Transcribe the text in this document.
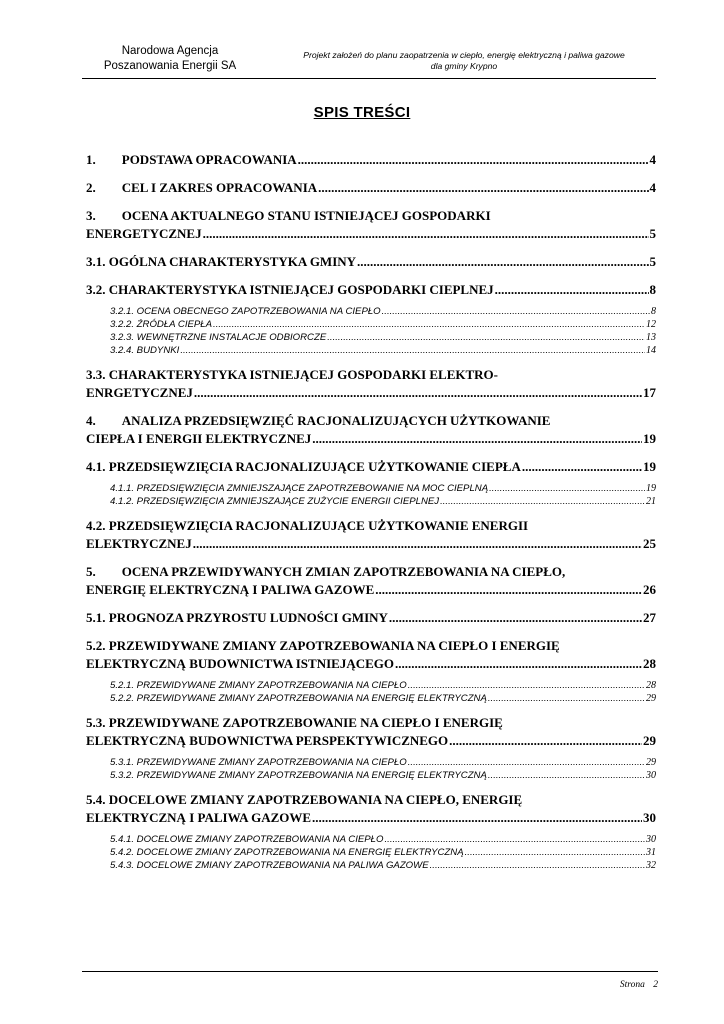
Narodowa Agencja
Poszanowania Energii SA
Projekt założeń do planu zaopatrzenia w ciepło, energię elektryczną i paliwa gazowe
dla gminy Krypno
SPIS TREŚCI
1.  PODSTAWA OPRACOWANIA .....	4
2.  CEL I ZAKRES OPRACOWANIA .....	4
3.  OCENA AKTUALNEGO STANU ISTNIEJĄCEJ GOSPODARKI
ENERGETYCZNEJ .....	5
3.1. OGÓLNA CHARAKTERYSTYKA GMINY .....	5
3.2. CHARAKTERYSTYKA ISTNIEJĄCEJ GOSPODARKI CIEPLNEJ .....	8
3.2.1. OCENA OBECNEGO ZAPOTRZEBOWANIA NA CIEPŁO .....	8
3.2.2. ŹRÓDŁA CIEPŁA .....	12
3.2.3. WEWNĘTRZNE INSTALACJE ODBIORCZE .....	13
3.2.4. BUDYNKI .....	14
3.3. CHARAKTERYSTYKA ISTNIEJĄCEJ GOSPODARKI ELEKTRO-
ENRGETYCZNEJ .....	17
4.  ANALIZA PRZEDSIĘWZIĘĆ RACJONALIZUJĄCYCH UŻYTKOWANIE
CIEPŁA I ENERGII ELEKTRYCZNEJ .....	19
4.1. PRZEDSIĘWZIĘCIA RACJONALIZUJĄCE UŻYTKOWANIE CIEPŁA .....	19
4.1.1. PRZEDSIĘWZIĘCIA ZMNIEJSZAJĄCE ZAPOTRZEBOWANIE NA MOC CIEPLNĄ .....	19
4.1.2. PRZEDSIĘWZIĘCIA ZMNIEJSZAJĄCE ZUŻYCIE ENERGII CIEPLNEJ .....	21
4.2. PRZEDSIĘWZIĘCIA RACJONALIZUJĄCE UŻYTKOWANIE ENERGII
ELEKTRYCZNEJ .....	25
5.  OCENA PRZEWIDYWANYCH ZMIAN ZAPOTRZEBOWANIA NA CIEPŁO,
ENERGIĘ ELEKTRYCZNĄ I PALIWA GAZOWE .....	26
5.1. PROGNOZA PRZYROSTU LUDNOŚCI GMINY .....	27
5.2. PRZEWIDYWANE ZMIANY ZAPOTRZEBOWANIA NA CIEPŁO I ENERGIĘ
ELEKTRYCZNĄ BUDOWNICTWA ISTNIEJĄCEGO .....	28
5.2.1. PRZEWIDYWANE ZMIANY ZAPOTRZEBOWANIA NA CIEPŁO .....	28
5.2.2. PRZEWIDYWANE ZMIANY ZAPOTRZEBOWANIA NA ENERGIĘ ELEKTRYCZNĄ .....	29
5.3. PRZEWIDYWANE ZAPOTRZEBOWANIE NA CIEPŁO I ENERGIĘ
ELEKTRYCZNĄ BUDOWNICTWA PERSPEKTYWICZNEGO .....	29
5.3.1. PRZEWIDYWANE ZMIANY ZAPOTRZEBOWANIA NA CIEPŁO .....	29
5.3.2. PRZEWIDYWANE ZMIANY ZAPOTRZEBOWANIA NA ENERGIĘ ELEKTRYCZNĄ .....	30
5.4. DOCELOWE ZMIANY ZAPOTRZEBOWANIA NA CIEPŁO, ENERGIĘ
ELEKTRYCZNĄ I PALIWA GAZOWE .....	30
5.4.1. DOCELOWE ZMIANY ZAPOTRZEBOWANIA NA CIEPŁO .....	30
5.4.2. DOCELOWE ZMIANY ZAPOTRZEBOWANIA NA ENERGIĘ ELEKTRYCZNĄ .....	31
5.4.3. DOCELOWE ZMIANY ZAPOTRZEBOWANIA NA PALIWA GAZOWE .....	32
Strona 2
